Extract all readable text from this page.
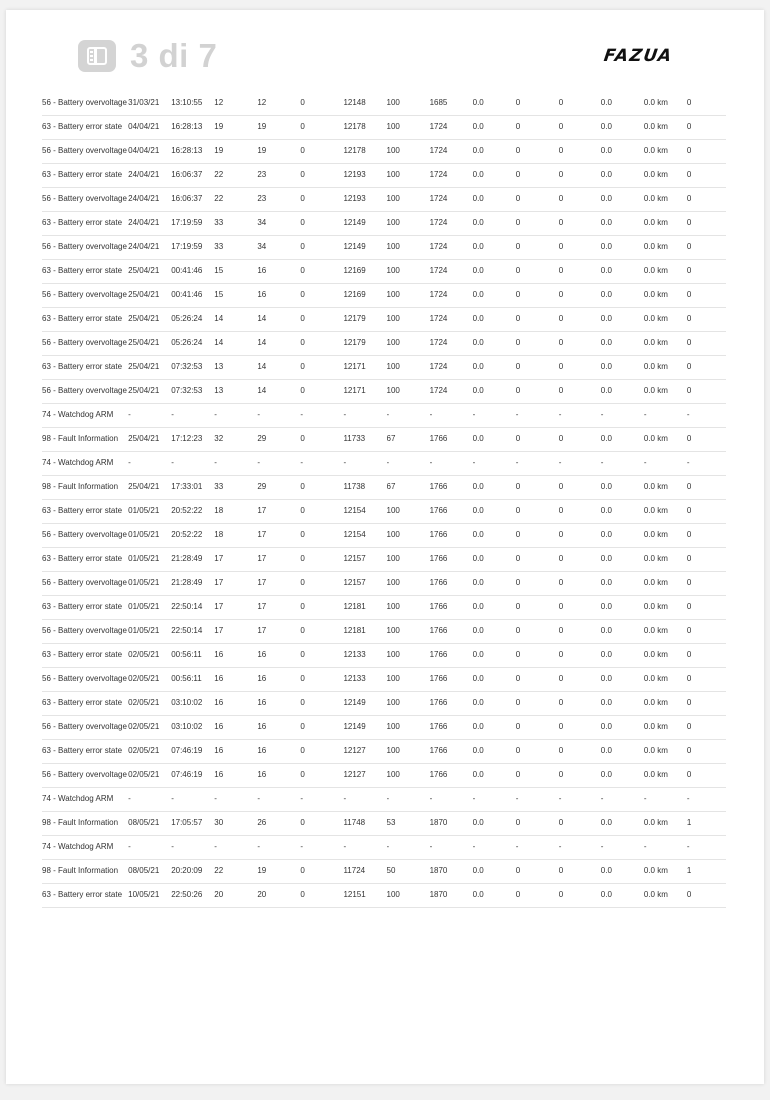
3 di 7	FAZUA
56 - Battery overvoltage	31/03/21	13:10:55	12	12	0	12148	100	1685	0.0	0	0	0.0	0.0 km	0

63 - Battery error state	04/04/21	16:28:13	19	19	0	12178	100	1724	0.0	0	0	0.0	0.0 km	0

56 - Battery overvoltage	04/04/21	16:28:13	19	19	0	12178	100	1724	0.0	0	0	0.0	0.0 km	0

63 - Battery error state	24/04/21	16:06:37	22	23	0	12193	100	1724	0.0	0	0	0.0	0.0 km	0

56 - Battery overvoltage	24/04/21	16:06:37	22	23	0	12193	100	1724	0.0	0	0	0.0	0.0 km	0

63 - Battery error state	24/04/21	17:19:59	33	34	0	12149	100	1724	0.0	0	0	0.0	0.0 km	0

56 - Battery overvoltage	24/04/21	17:19:59	33	34	0	12149	100	1724	0.0	0	0	0.0	0.0 km	0

63 - Battery error state	25/04/21	00:41:46	15	16	0	12169	100	1724	0.0	0	0	0.0	0.0 km	0

56 - Battery overvoltage	25/04/21	00:41:46	15	16	0	12169	100	1724	0.0	0	0	0.0	0.0 km	0

63 - Battery error state	25/04/21	05:26:24	14	14	0	12179	100	1724	0.0	0	0	0.0	0.0 km	0

56 - Battery overvoltage	25/04/21	05:26:24	14	14	0	12179	100	1724	0.0	0	0	0.0	0.0 km	0

63 - Battery error state	25/04/21	07:32:53	13	14	0	12171	100	1724	0.0	0	0	0.0	0.0 km	0

56 - Battery overvoltage	25/04/21	07:32:53	13	14	0	12171	100	1724	0.0	0	0	0.0	0.0 km	0

74 - Watchdog ARM	-	-	-	-	-	-	-	-	-	-	-	-	-	-

98 - Fault Information	25/04/21	17:12:23	32	29	0	11733	67	1766	0.0	0	0	0.0	0.0 km	0

74 - Watchdog ARM	-	-	-	-	-	-	-	-	-	-	-	-	-	-

98 - Fault Information	25/04/21	17:33:01	33	29	0	11738	67	1766	0.0	0	0	0.0	0.0 km	0

63 - Battery error state	01/05/21	20:52:22	18	17	0	12154	100	1766	0.0	0	0	0.0	0.0 km	0

56 - Battery overvoltage	01/05/21	20:52:22	18	17	0	12154	100	1766	0.0	0	0	0.0	0.0 km	0

63 - Battery error state	01/05/21	21:28:49	17	17	0	12157	100	1766	0.0	0	0	0.0	0.0 km	0

56 - Battery overvoltage	01/05/21	21:28:49	17	17	0	12157	100	1766	0.0	0	0	0.0	0.0 km	0

63 - Battery error state	01/05/21	22:50:14	17	17	0	12181	100	1766	0.0	0	0	0.0	0.0 km	0

56 - Battery overvoltage	01/05/21	22:50:14	17	17	0	12181	100	1766	0.0	0	0	0.0	0.0 km	0

63 - Battery error state	02/05/21	00:56:11	16	16	0	12133	100	1766	0.0	0	0	0.0	0.0 km	0

56 - Battery overvoltage	02/05/21	00:56:11	16	16	0	12133	100	1766	0.0	0	0	0.0	0.0 km	0

63 - Battery error state	02/05/21	03:10:02	16	16	0	12149	100	1766	0.0	0	0	0.0	0.0 km	0

56 - Battery overvoltage	02/05/21	03:10:02	16	16	0	12149	100	1766	0.0	0	0	0.0	0.0 km	0

63 - Battery error state	02/05/21	07:46:19	16	16	0	12127	100	1766	0.0	0	0	0.0	0.0 km	0

56 - Battery overvoltage	02/05/21	07:46:19	16	16	0	12127	100	1766	0.0	0	0	0.0	0.0 km	0

74 - Watchdog ARM	-	-	-	-	-	-	-	-	-	-	-	-	-	-

98 - Fault Information	08/05/21	17:05:57	30	26	0	11748	53	1870	0.0	0	0	0.0	0.0 km	1

74 - Watchdog ARM	-	-	-	-	-	-	-	-	-	-	-	-	-	-

98 - Fault Information	08/05/21	20:20:09	22	19	0	11724	50	1870	0.0	0	0	0.0	0.0 km	1

63 - Battery error state	10/05/21	22:50:26	20	20	0	12151	100	1870	0.0	0	0	0.0	0.0 km	0
